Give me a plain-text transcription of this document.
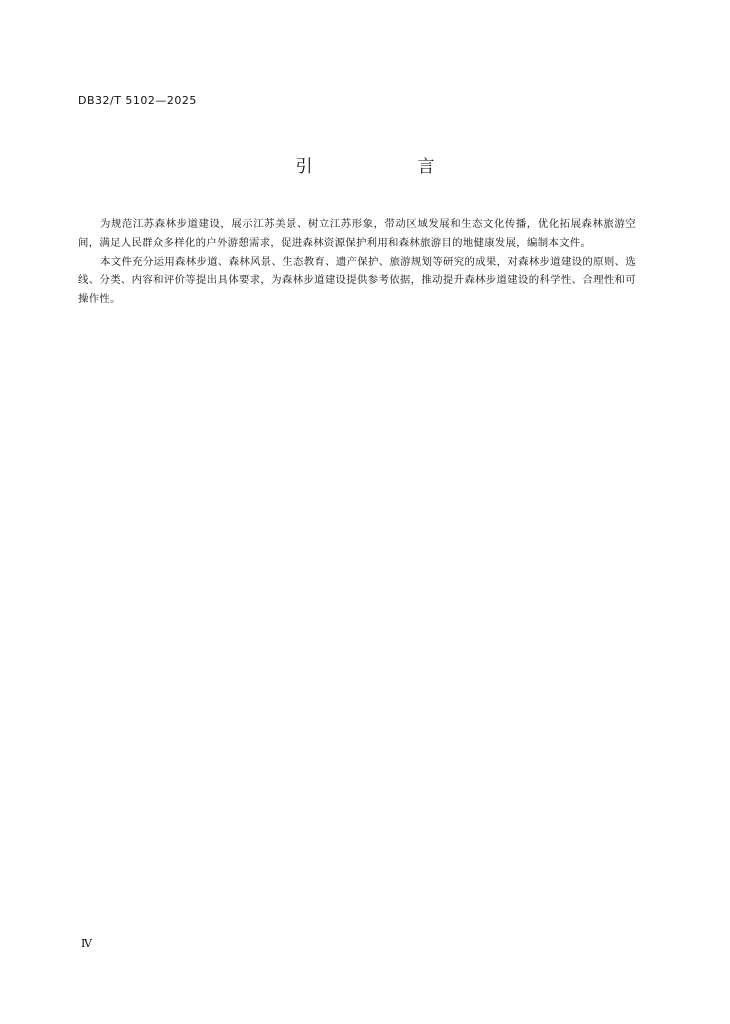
DB32/T 5102—2025
引　言

为规范江苏森林步道建设，展示江苏美景、树立江苏形象，带动区域发展和生态文化传播，优化拓展森林旅游空间，满足人民群众多样化的户外游憩需求，促进森林资源保护利用和森林旅游目的地健康发展，编制本文件。

本文件充分运用森林步道、森林风景、生态教育、遗产保护、旅游规划等研究的成果，对森林步道建设的原则、选线、分类、内容和评价等提出具体要求，为森林步道建设提供参考依据，推动提升森林步道建设的科学性、合理性和可操作性。

Ⅳ
